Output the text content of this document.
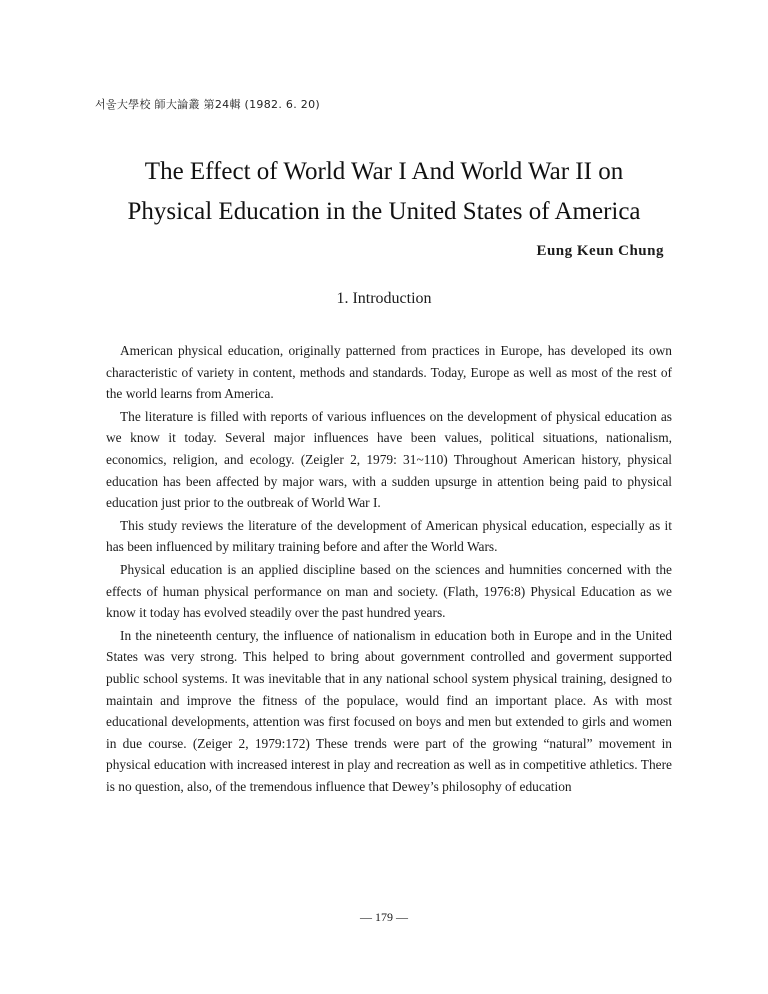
서울大學校 師大論叢 第24輯 (1982. 6. 20)
The Effect of World War I And World War II on
Physical Education in the United States of America
Eung Keun Chung
1. Introduction

American physical education, originally patterned from practices in Europe, has developed its own characteristic of variety in content, methods and standards. Today, Europe as well as most of the rest of the world learns from America.

The literature is filled with reports of various influences on the development of physical education as we know it today. Several major influences have been values, political situations, nationalism, economics, religion, and ecology. (Zeigler 2, 1979: 31~110) Throughout American history, physical education has been affected by major wars, with a sudden upsurge in attention being paid to physical education just prior to the outbreak of World War I.

This study reviews the literature of the development of American physical education, especially as it has been influenced by military training before and after the World Wars.

Physical education is an applied discipline based on the sciences and humnities concerned with the effects of human physical performance on man and society. (Flath, 1976:8) Physical Education as we know it today has evolved steadily over the past hundred years.

In the nineteenth century, the influence of nationalism in education both in Europe and in the United States was very strong. This helped to bring about government controlled and goverment supported public school systems. It was inevitable that in any national school system physical training, designed to maintain and improve the fitness of the populace, would find an important place. As with most educational developments, attention was first focused on boys and men but extended to girls and women in due course. (Zeiger 2, 1979:172) These trends were part of the growing “natural” movement in physical education with increased interest in play and recreation as well as in competitive athletics. There is no question, also, of the tremendous influence that Dewey’s philosophy of education

— 179 —
